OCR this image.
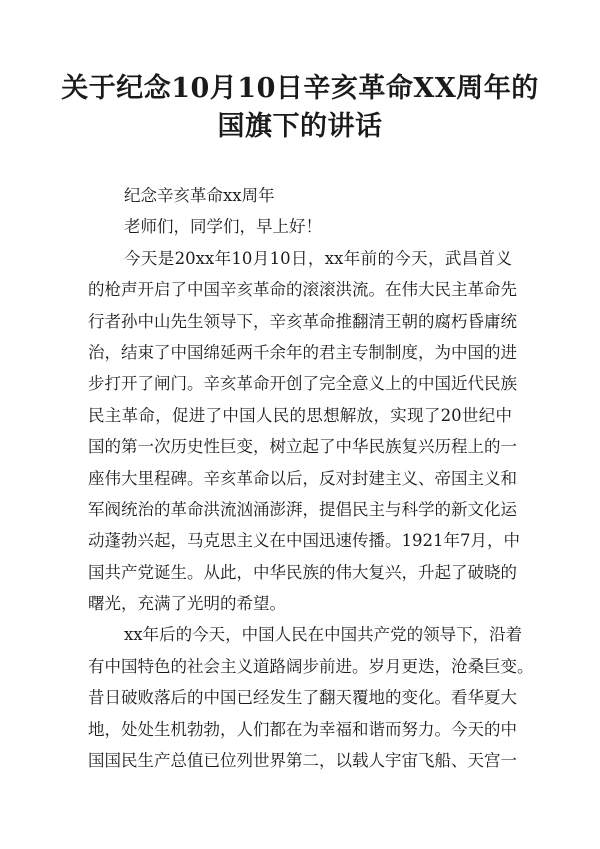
关于纪念10月10日辛亥革命XX周年的
国旗下的讲话
纪念辛亥革命xx周年
老师们，同学们，早上好！
今天是20xx年10月10日，xx年前的今天，武昌首义
的枪声开启了中国辛亥革命的滚滚洪流。在伟大民主革命先
行者孙中山先生领导下，辛亥革命推翻清王朝的腐朽昏庸统
治，结束了中国绵延两千余年的君主专制制度，为中国的进
步打开了闸门。辛亥革命开创了完全意义上的中国近代民族
民主革命，促进了中国人民的思想解放，实现了20世纪中
国的第一次历史性巨变，树立起了中华民族复兴历程上的一
座伟大里程碑。辛亥革命以后，反对封建主义、帝国主义和
军阀统治的革命洪流汹涌澎湃，提倡民主与科学的新文化运
动蓬勃兴起，马克思主义在中国迅速传播。1921年7月，中
国共产党诞生。从此，中华民族的伟大复兴，升起了破晓的
曙光，充满了光明的希望。
xx年后的今天，中国人民在中国共产党的领导下，沿着
有中国特色的社会主义道路阔步前进。岁月更迭，沧桑巨变。
昔日破败落后的中国已经发生了翻天覆地的变化。看华夏大
地，处处生机勃勃，人们都在为幸福和谐而努力。今天的中
国国民生产总值已位列世界第二，以载人宇宙飞船、天宫一
